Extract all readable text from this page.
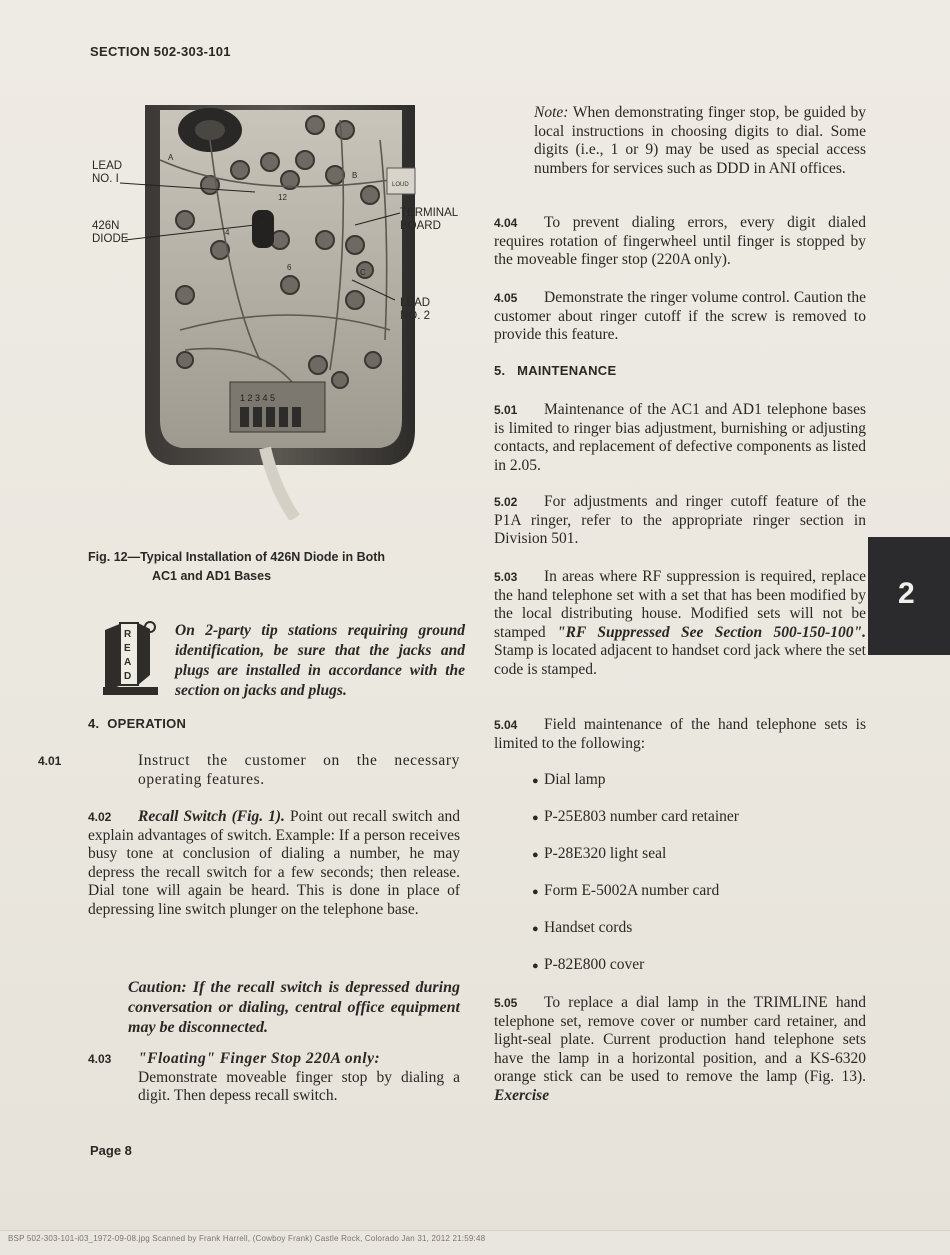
SECTION 502-303-101
1 2 3 4 5
LOUD
A
B
C
12
4
5
6
LEAD
NO. I
426N
DIODE
TERMINAL
BOARD
LEAD
NO. 2
Fig. 12—Typical Installation of 426N Diode in Both
AC1 and AD1 Bases
R
E
A
D
On 2-party tip stations requiring ground identification, be sure that the jacks and plugs are installed in accordance with the section on jacks and plugs.
4. OPERATION
4.01	Instruct the customer on the necessary operating features.
4.02 Recall Switch (Fig. 1). Point out recall switch and explain advantages of switch. Example: If a person receives busy tone at conclusion of dialing a number, he may depress the recall switch for a few seconds; then release. Dial tone will again be heard. This is done in place of depressing line switch plunger on the telephone base.
Caution: If the recall switch is depressed during conversation or dialing, central office equipment may be disconnected.
4.03 "Floating" Finger Stop 220A only:
Demonstrate moveable finger stop by dialing a digit. Then depess recall switch.
Note: When demonstrating finger stop, be guided by local instructions in choosing digits to dial. Some digits (i.e., 1 or 9) may be used as special access numbers for services such as DDD in ANI offices.
4.04 To prevent dialing errors, every digit dialed requires rotation of fingerwheel until finger is stopped by the moveable finger stop (220A only).
4.05 Demonstrate the ringer volume control. Caution the customer about ringer cutoff if the screw is removed to provide this feature.
5. MAINTENANCE
5.01 Maintenance of the AC1 and AD1 telephone bases is limited to ringer bias adjustment, burnishing or adjusting contacts, and replacement of defective components as listed in 2.05.
5.02 For adjustments and ringer cutoff feature of the P1A ringer, refer to the appropriate ringer section in Division 501.
5.03 In areas where RF suppression is required, replace the hand telephone set with a set that has been modified by the local distributing house. Modified sets will not be stamped "RF Suppressed See Section 500-150-100". Stamp is located adjacent to handset cord jack where the set code is stamped.
5.04 Field maintenance of the hand telephone sets is limited to the following:
● Dial lamp
● P-25E803 number card retainer
● P-28E320 light seal
● Form E-5002A number card
● Handset cords
● P-82E800 cover
5.05 To replace a dial lamp in the TRIMLINE hand telephone set, remove cover or number card retainer, and light-seal plate. Current production hand telephone sets have the lamp in a horizontal position, and a KS-6320 orange stick can be used to remove the lamp (Fig. 13). Exercise
2
Page 8
BSP 502-303-101-i03_1972-09-08.jpg Scanned by Frank Harrell, (Cowboy Frank) Castle Rock, Colorado Jan 31, 2012 21:59:48
